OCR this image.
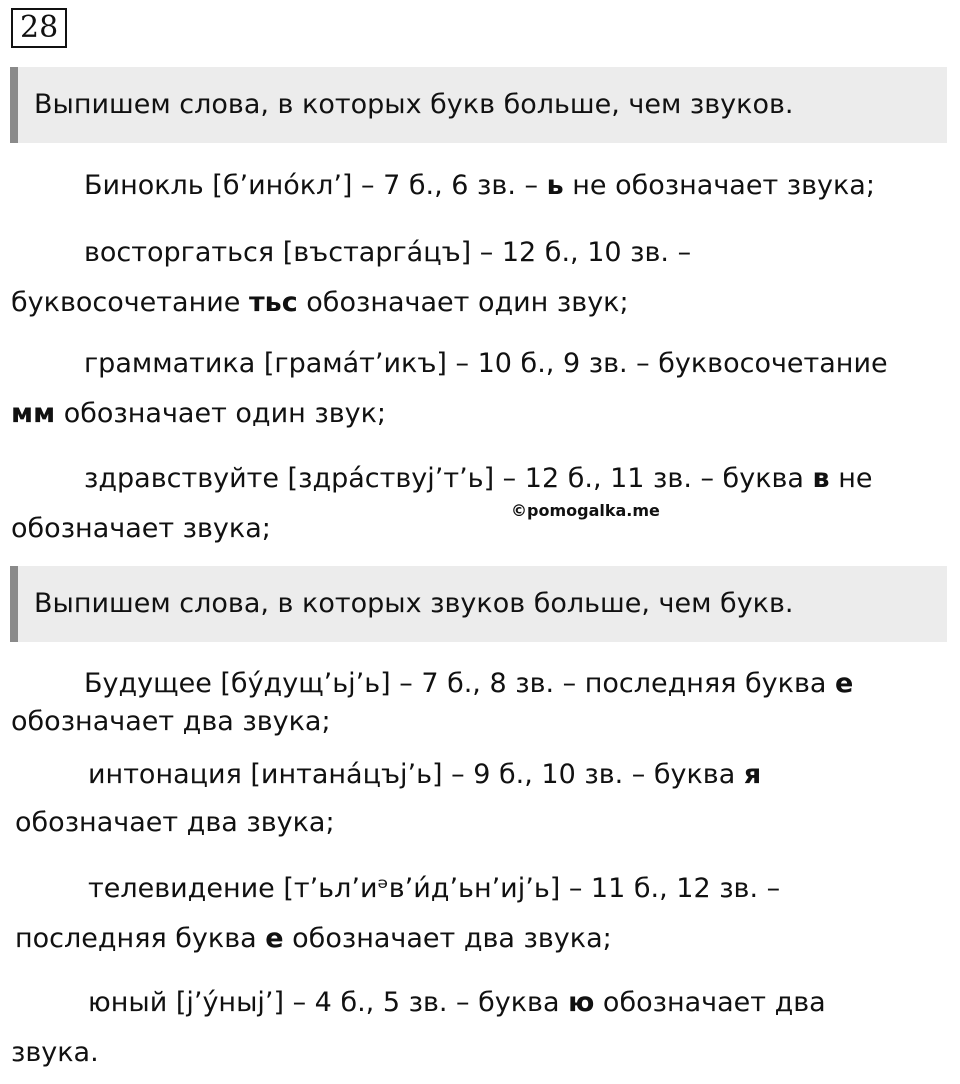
28
Выпишем слова, в которых букв больше, чем звуков.
Бинокль [б’ино́кл’] – 7 б., 6 зв. – ь не обозначает звука;
восторгаться [въстарга́цъ] – 12 б., 10 зв. –
буквосочетание тьс обозначает один звук;
грамматика [грама́т’икъ] – 10 б., 9 зв. – буквосочетание
мм обозначает один звук;
здравствуйте [здра́ствуj’т’ь] – 12 б., 11 зв. – буква в не
обозначает звука;
©pomogalka.me
Выпишем слова, в которых звуков больше, чем букв.
Будущее [бу́дущ’ьj’ь] – 7 б., 8 зв. – последняя буква е
обозначает два звука;
интонация [интана́цъj’ь] – 9 б., 10 зв. – буква я
обозначает два звука;
телевидение [т’ьл’иᵊв’и́д’ьн’иj’ь] – 11 б., 12 зв. –
последняя буква е обозначает два звука;
юный [j’у́ныj’] – 4 б., 5 зв. – буква ю обозначает два
звука.
